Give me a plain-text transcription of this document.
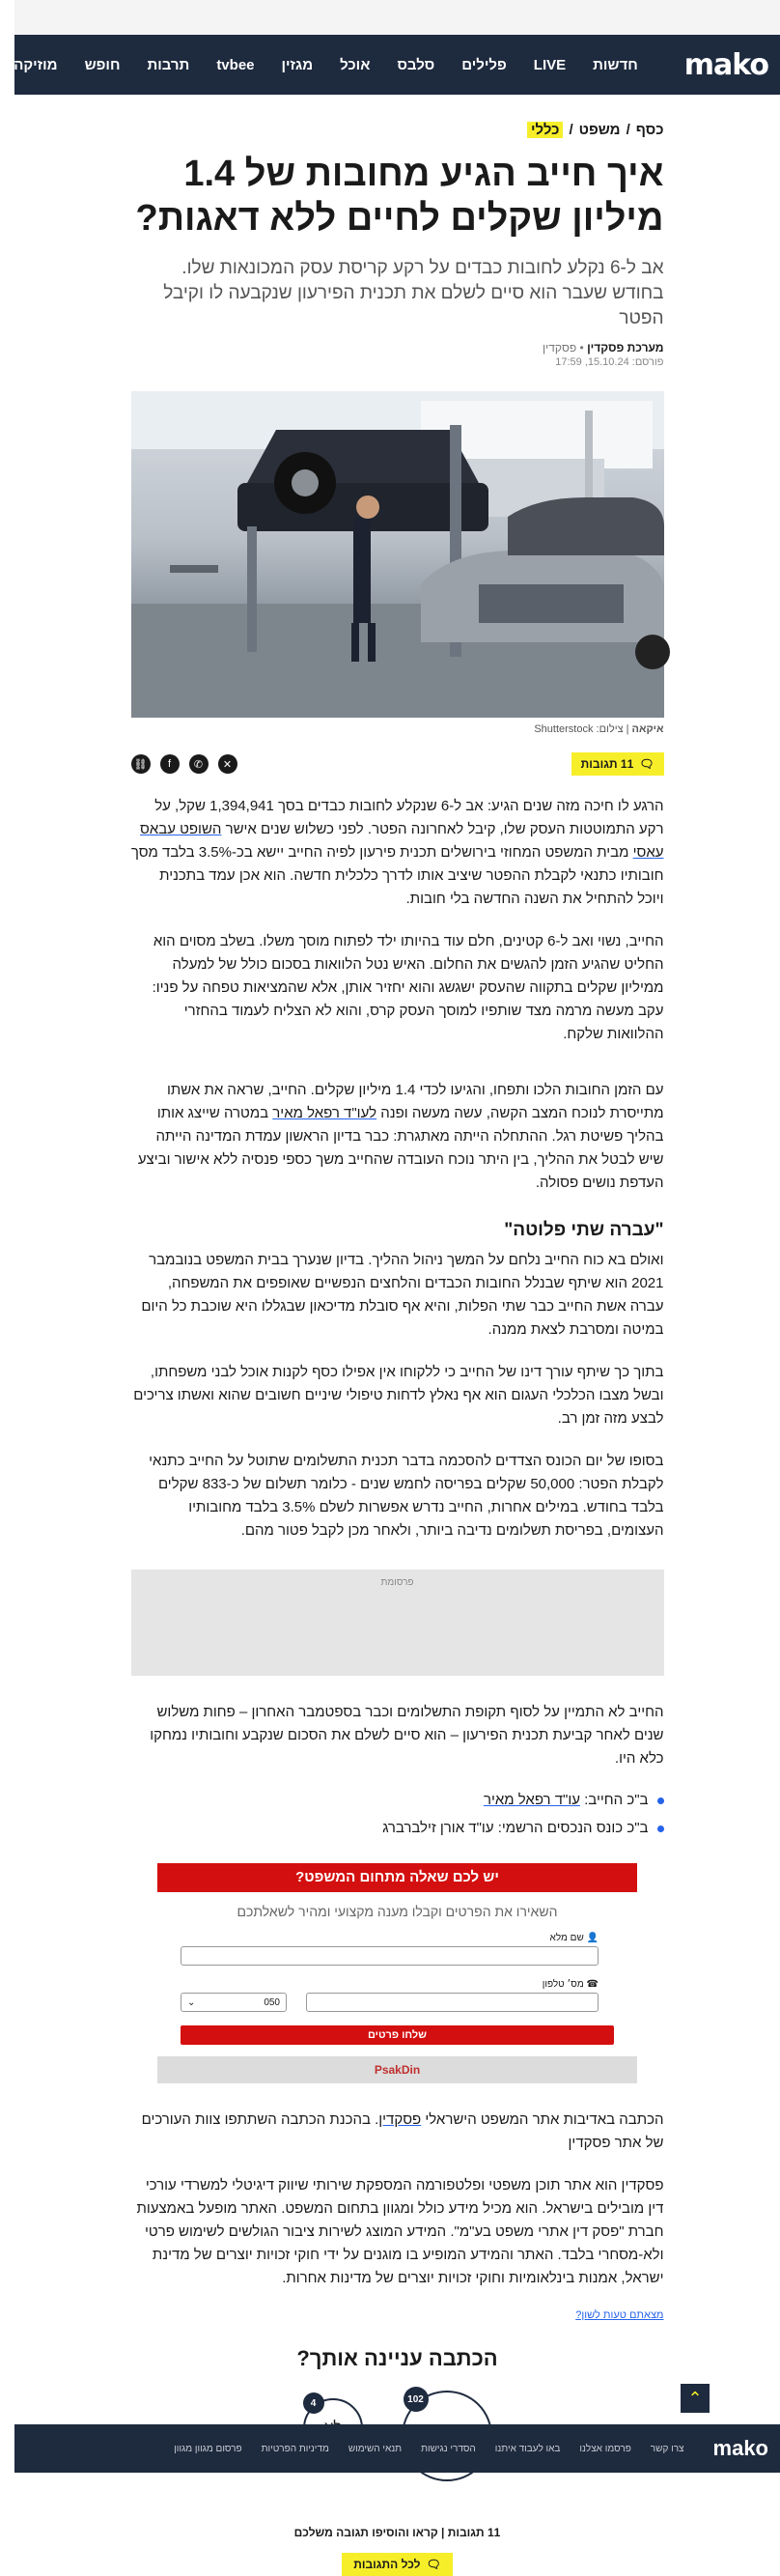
mako
חדשות
LIVE
פלילים
סלבס
אוכל
מגזין
tvbee
תרבות
חופש
מוזיקה
כסף
/
משפט
/
כללי
איך חייב הגיע מחובות של 1.4 מיליון שקלים לחיים ללא דאגות?
אב ל-6 נקלע לחובות כבדים על רקע קריסת עסק המכונאות שלו. בחודש שעבר הוא סיים לשלם את תכנית הפירעון שנקבעה לו וקיבל הפטר
מערכת פסקדין • פסקדין
פורסם: 15.10.24, 17:59
איקאה | צילום: Shutterstock
🗨
11 תגובות
✕
✆
f
⛓

הרגע לו חיכה מזה שנים הגיע: אב ל-6 שנקלע לחובות כבדים בסך 1,394,941 שקל, על רקע התמוטטות העסק שלו, קיבל לאחרונה הפטר. לפני כשלוש שנים אישר השופט עבאס עאסי מבית המשפט המחוזי בירושלים תכנית פירעון לפיה החייב יישא בכ-3.5% בלבד מסך חובותיו כתנאי לקבלת ההפטר שיציב אותו לדרך כלכלית חדשה. הוא אכן עמד בתכנית ויוכל להתחיל את השנה החדשה בלי חובות.

החייב, נשוי ואב ל-6 קטינים, חלם עוד בהיותו ילד לפתוח מוסך משלו. בשלב מסוים הוא החליט שהגיע הזמן להגשים את החלום. האיש נטל הלוואות בסכום כולל של למעלה ממיליון שקלים בתקווה שהעסק ישגשג והוא יחזיר אותן, אלא שהמציאות טפחה על פניו: עקב מעשה מרמה מצד שותפיו למוסך העסק קרס, והוא לא הצליח לעמוד בהחזרי ההלוואות שלקח.

עם הזמן החובות הלכו ותפחו, והגיעו לכדי 1.4 מיליון שקלים. החייב, שראה את אשתו מתייסרת לנוכח המצב הקשה, עשה מעשה ופנה לעו"ד רפאל מאיר במטרה שייצג אותו בהליך פשיטת רגל. ההתחלה הייתה מאתגרת: כבר בדיון הראשון עמדת המדינה הייתה שיש לבטל את ההליך, בין היתר נוכח העובדה שהחייב משך כספי פנסיה ללא אישור וביצע העדפת נושים פסולה.

"עברה שתי פלוטה"

ואולם בא כוח החייב נלחם על המשך ניהול ההליך. בדיון שנערך בבית המשפט בנובמבר 2021 הוא שיתף שבנלל החובות הכבדים והלחצים הנפשיים שאופפים את המשפחה, עברה אשת החייב כבר שתי הפלות, והיא אף סובלת מדיכאון שבגללו היא שוכבת כל היום במיטה ומסרבת לצאת ממנה.

בתוך כך שיתף עורך דינו של החייב כי ללקוחו אין אפילו כסף לקנות אוכל לבני משפחתו, ובשל מצבו הכלכלי העגום הוא אף נאלץ לדחות טיפולי שיניים חשובים שהוא ואשתו צריכים לבצע מזה זמן רב.

בסופו של יום הכונס הצדדים להסכמה בדבר תכנית התשלומים שתוטל על החייב כתנאי לקבלת הפטר: 50,000 שקלים בפריסה לחמש שנים - כלומר תשלום של כ-833 שקלים בלבד בחודש. במילים אחרות, החייב נדרש אפשרות לשלם 3.5% בלבד מחובותיו העצומים, בפריסת תשלומים נדיבה ביותר, ולאחר מכן לקבל פטור מהם.

פרסומת

החייב לא התמיין על לסוף תקופת התשלומים וכבר בספטמבר האחרון – פחות משלוש שנים לאחר קביעת תכנית הפירעון – הוא סיים לשלם את הסכום שנקבע וחובותיו נמחקו כלא היו.

ב"כ החייב: עו"ד רפאל מאיר
ב"כ כונס הנכסים הרשמי: עו"ד אורן זילברברג
יש לכם שאלה מתחום המשפט?
השאירו את הפרטים וקבלו מענה מקצועי ומהיר לשאלתכם
👤 שם מלא
☎ מס׳ טלפון
050
⌄
שלחו פרטים
PsakDin

הכתבה באדיבות אתר המשפט הישראלי פסקדין. בהכנת הכתבה השתתפו צוות העורכים של אתר פסקדין

פסקדין הוא אתר תוכן משפטי ופלטפורמה המספקת שירותי שיווק דיגיטלי למשרדי עורכי דין מובילים בישראל. הוא מכיל מידע כולל ומגוון בתחום המשפט. האתר מופעל באמצעות חברת "פסק דין אתרי משפט בע"מ". המידע המוצג לשירות ציבור הגולשים לשימוש פרטי ולא-מסחרי בלבד. האתר והמידע המופיע בו מוגנים על ידי חוקי זכויות יוצרים של מדינת ישראל, אמנות בינלאומיות וחוקי זכויות יוצרים של מדינות אחרות.

מצאתם טעות לשון?
הכתבה עניינה אותך?
102
4
11 תגובות | קראו והוסיפו תגובה משלכם
🗨
לכל התגובות
⌃
mako
צרו קשר
פרסמו אצלנו
באו לעבוד איתנו
הסדרי נגישות
תנאי השימוש
מדיניות הפרטיות
פרסום מגוון מגוון
